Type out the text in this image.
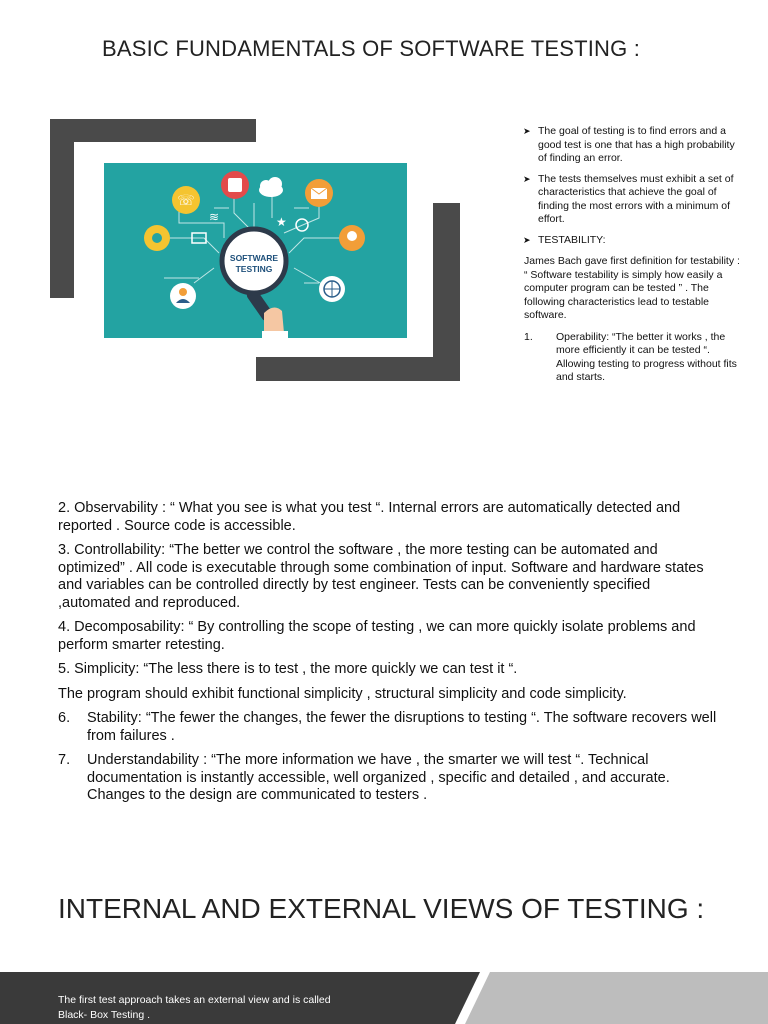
BASIC FUNDAMENTALS OF SOFTWARE TESTING :
☏
★
≋
SOFTWARE
TESTING
➤ The goal of testing is to find errors and a good test is one that has a high probability of finding an error.
➤ The tests themselves must exhibit a set of characteristics that achieve the goal of finding the most errors with a minimum of effort.
➤ TESTABILITY:

James Bach gave first definition for testability : “ Software testability is simply how easily a computer program can be tested ” . The following characteristics lead to testable software.

1. Operability: “The better it works , the more efficiently it can be tested “. Allowing testing to progress without fits and starts.

2. Observability : “ What you see is what you test “. Internal errors are automatically detected and reported . Source code is accessible.

3. Controllability: “The better we control the software , the more testing can be automated and optimized” . All code is executable through some combination of input. Software and hardware states and variables can be controlled directly by test engineer. Tests can be conveniently specified ,automated and reproduced.

4. Decomposability: “ By controlling the scope of testing , we can more quickly isolate problems and perform smarter retesting.

5. Simplicity: “The less there is to test , the more quickly we can test it “.

The program should exhibit functional simplicity , structural simplicity and code simplicity.

6. Stability: “The fewer the changes, the fewer the disruptions to testing “. The software recovers well from failures .
7. Understandability : “The more information we have , the smarter we will test “. Technical documentation is instantly accessible, well organized , specific and detailed , and accurate. Changes to the design are communicated to testers .
INTERNAL AND EXTERNAL VIEWS OF TESTING :
The first test approach takes an external view and is called Black- Box Testing .
